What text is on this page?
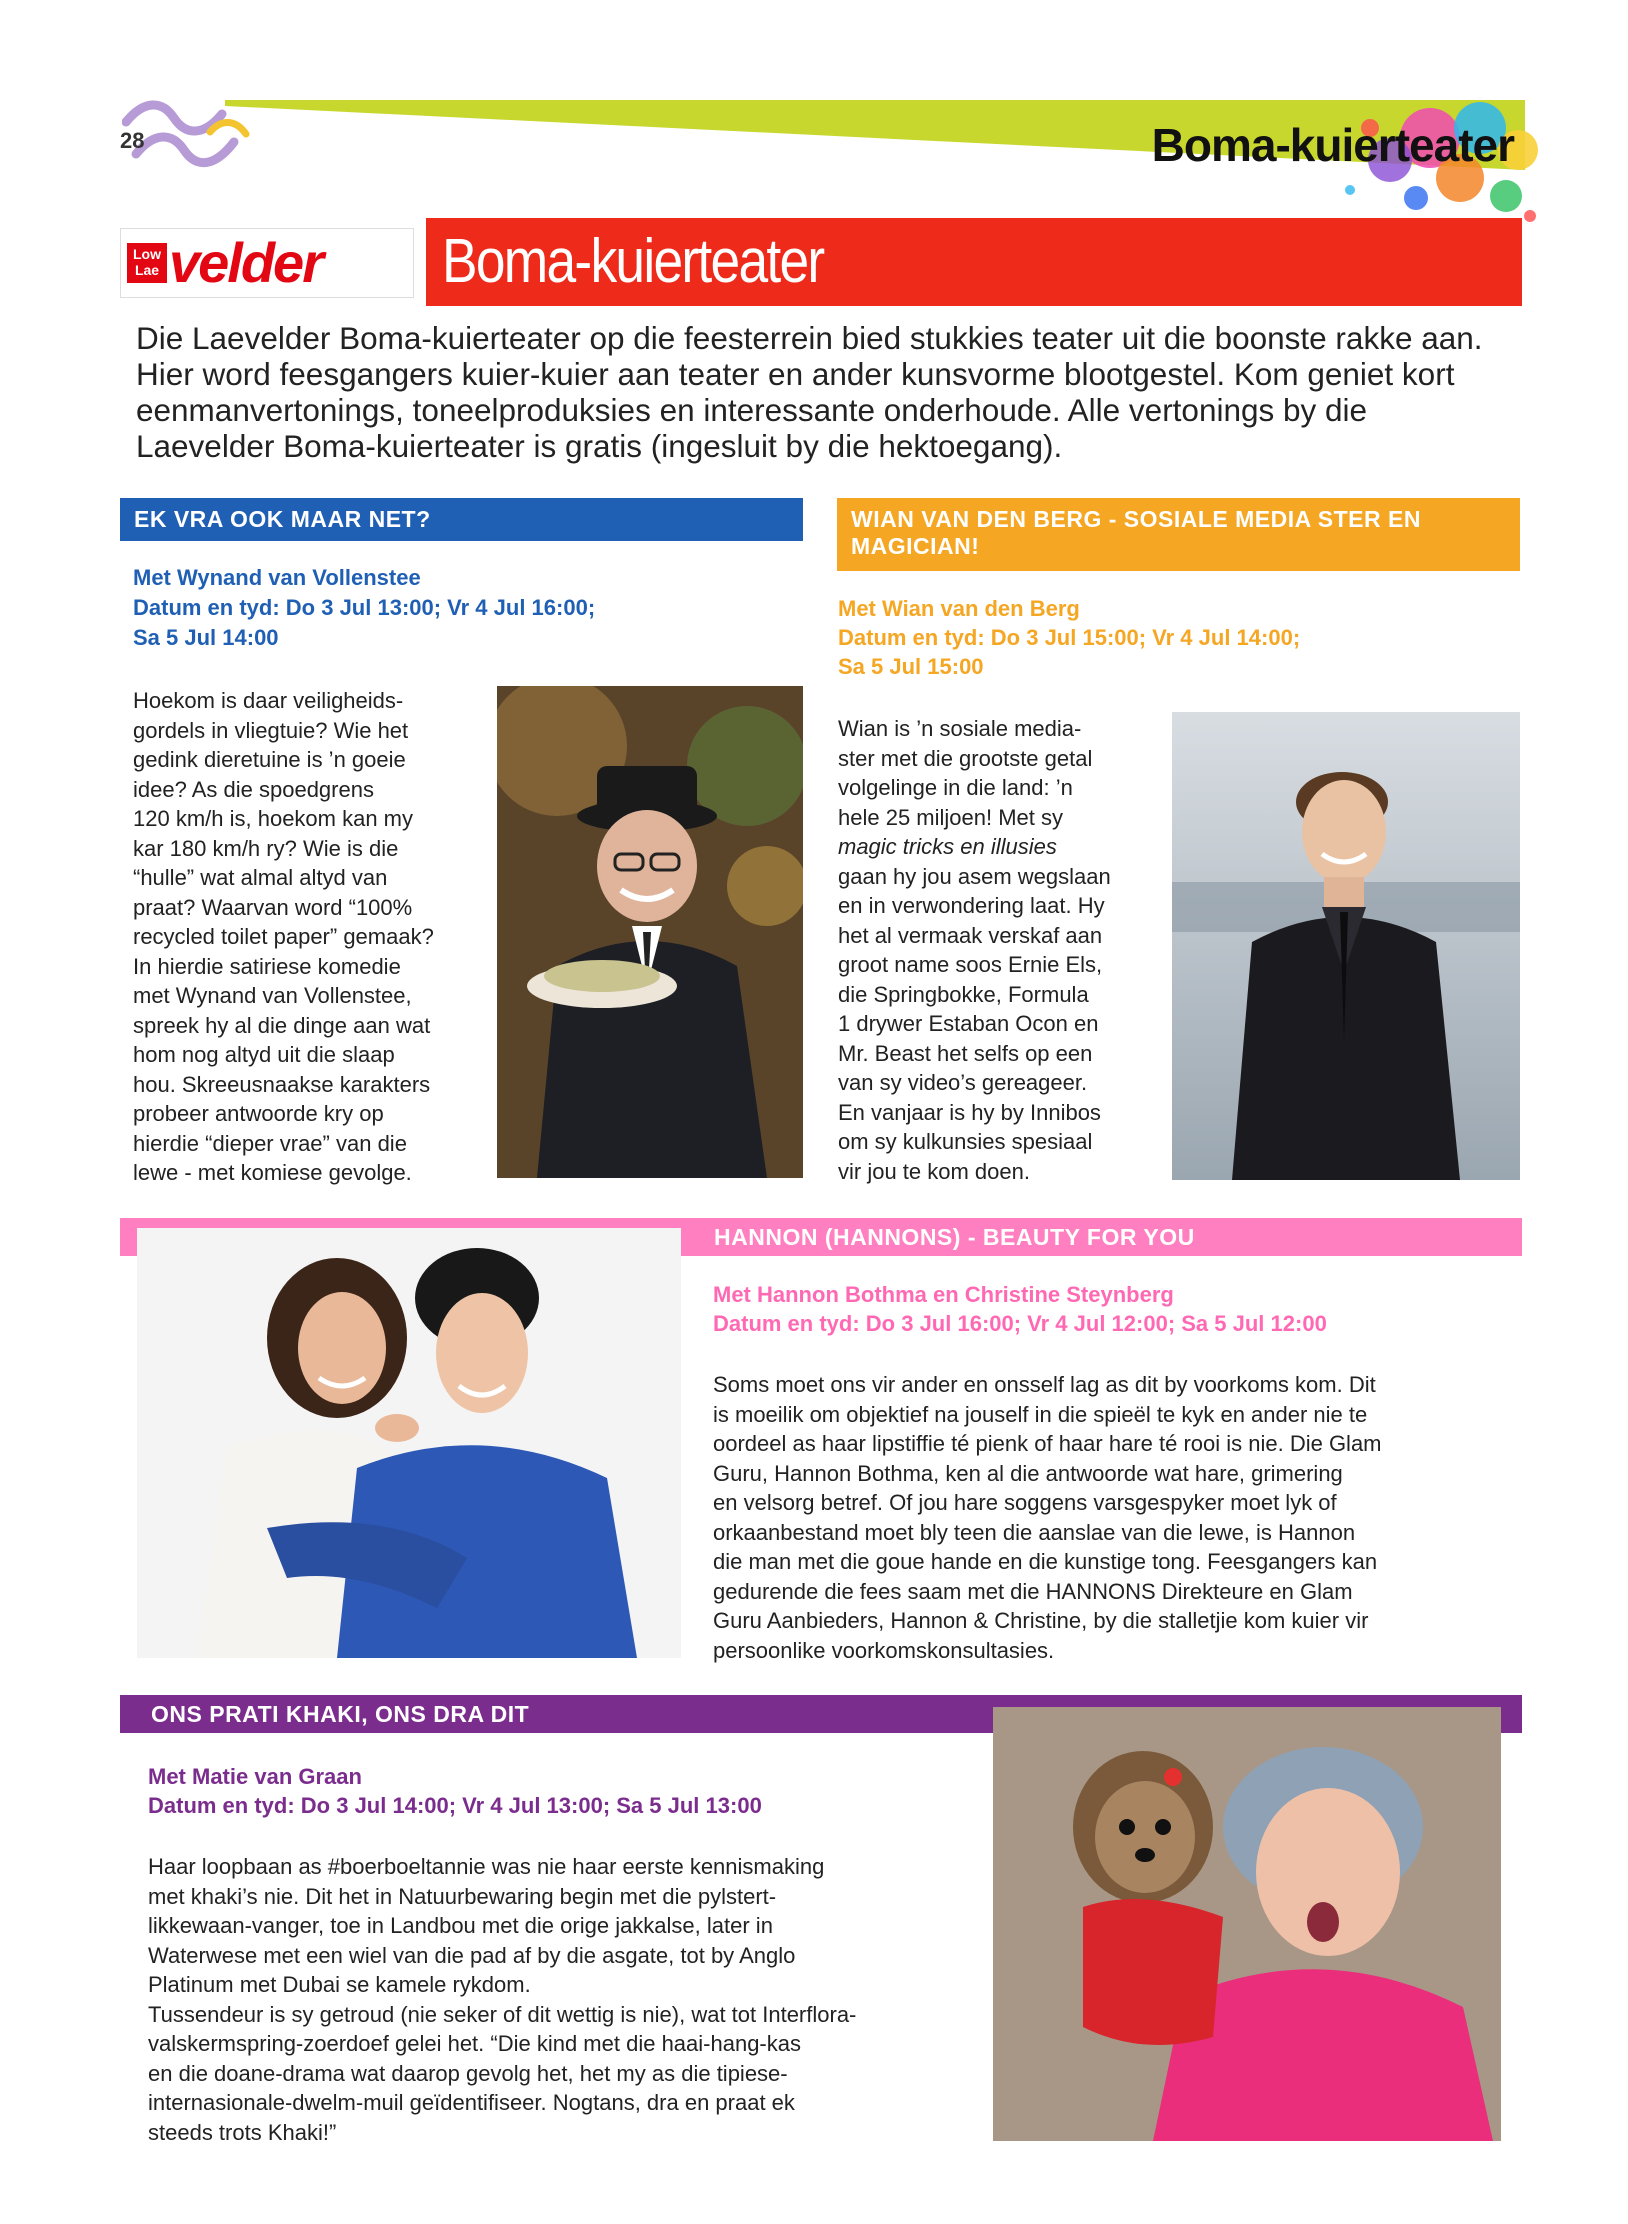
28	Boma-kuierteater
Low
Lae velder Boma-kuierteater
Die Laevelder Boma-kuierteater op die feesterrein bied stukkies teater uit die boonste rakke aan. Hier word feesgangers kuier-kuier aan teater en ander kunsvorme blootgestel. Kom geniet kort eenmanvertonings, toneelproduksies en interessante onderhoude. Alle vertonings by die Laevelder Boma-kuierteater is gratis (ingesluit by die hektoegang).
EK VRA OOK MAAR NET?
Met Wynand van Vollenstee
Datum en tyd: Do 3 Jul 13:00; Vr 4 Jul 16:00;
Sa 5 Jul 14:00
Hoekom is daar veiligheids-
gordels in vliegtuie? Wie het
gedink dieretuine is ’n goeie
idee? As die spoedgrens
120 km/h is, hoekom kan my
kar 180 km/h ry? Wie is die
“hulle” wat almal altyd van
praat? Waarvan word “100%
recycled toilet paper” gemaak?
In hierdie satiriese komedie
met Wynand van Vollenstee,
spreek hy al die dinge aan wat
hom nog altyd uit die slaap
hou. Skreeusnaakse karakters
probeer antwoorde kry op
hierdie “dieper vrae” van die
lewe - met komiese gevolge.
WIAN VAN DEN BERG - SOSIALE MEDIA STER EN
MAGICIAN!
Met Wian van den Berg
Datum en tyd: Do 3 Jul 15:00; Vr 4 Jul 14:00;
Sa 5 Jul 15:00
Wian is ’n sosiale media-
ster met die grootste getal
volgelinge in die land: ’n
hele 25 miljoen! Met sy
magic tricks en illusies
gaan hy jou asem wegslaan
en in verwondering laat. Hy
het al vermaak verskaf aan
groot name soos Ernie Els,
die Springbokke, Formula
1 drywer Estaban Ocon en
Mr. Beast het selfs op een
van sy video’s gereageer.
En vanjaar is hy by Innibos
om sy kulkunsies spesiaal
vir jou te kom doen.
HANNON (HANNONS) - BEAUTY FOR YOU
Met Hannon Bothma en Christine Steynberg
Datum en tyd: Do 3 Jul 16:00; Vr 4 Jul 12:00; Sa 5 Jul 12:00
Soms moet ons vir ander en onsself lag as dit by voorkoms kom. Dit
is moeilik om objektief na jouself in die spieël te kyk en ander nie te
oordeel as haar lipstiffie té pienk of haar hare té rooi is nie. Die Glam
Guru, Hannon Bothma, ken al die antwoorde wat hare, grimering
en velsorg betref. Of jou hare soggens varsgespyker moet lyk of
orkaanbestand moet bly teen die aanslae van die lewe, is Hannon
die man met die goue hande en die kunstige tong. Feesgangers kan
gedurende die fees saam met die HANNONS Direkteure en Glam
Guru Aanbieders, Hannon & Christine, by die stalletjie kom kuier vir
persoonlike voorkomskonsultasies.
ONS PRATI KHAKI, ONS DRA DIT
Met Matie van Graan
Datum en tyd: Do 3 Jul 14:00; Vr 4 Jul 13:00; Sa 5 Jul 13:00
Haar loopbaan as #boerboeltannie was nie haar eerste kennismaking
met khaki’s nie. Dit het in Natuurbewaring begin met die pylstert-
likkewaan-vanger, toe in Landbou met die orige jakkalse, later in
Waterwese met een wiel van die pad af by die asgate, tot by Anglo
Platinum met Dubai se kamele rykdom.
Tussendeur is sy getroud (nie seker of dit wettig is nie), wat tot Interflora-
valskermspring-zoerdoef gelei het. “Die kind met die haai-hang-kas
en die doane-drama wat daarop gevolg het, het my as die tipiese-
internasionale-dwelm-muil geïdentifiseer. Nogtans, dra en praat ek
steeds trots Khaki!”
